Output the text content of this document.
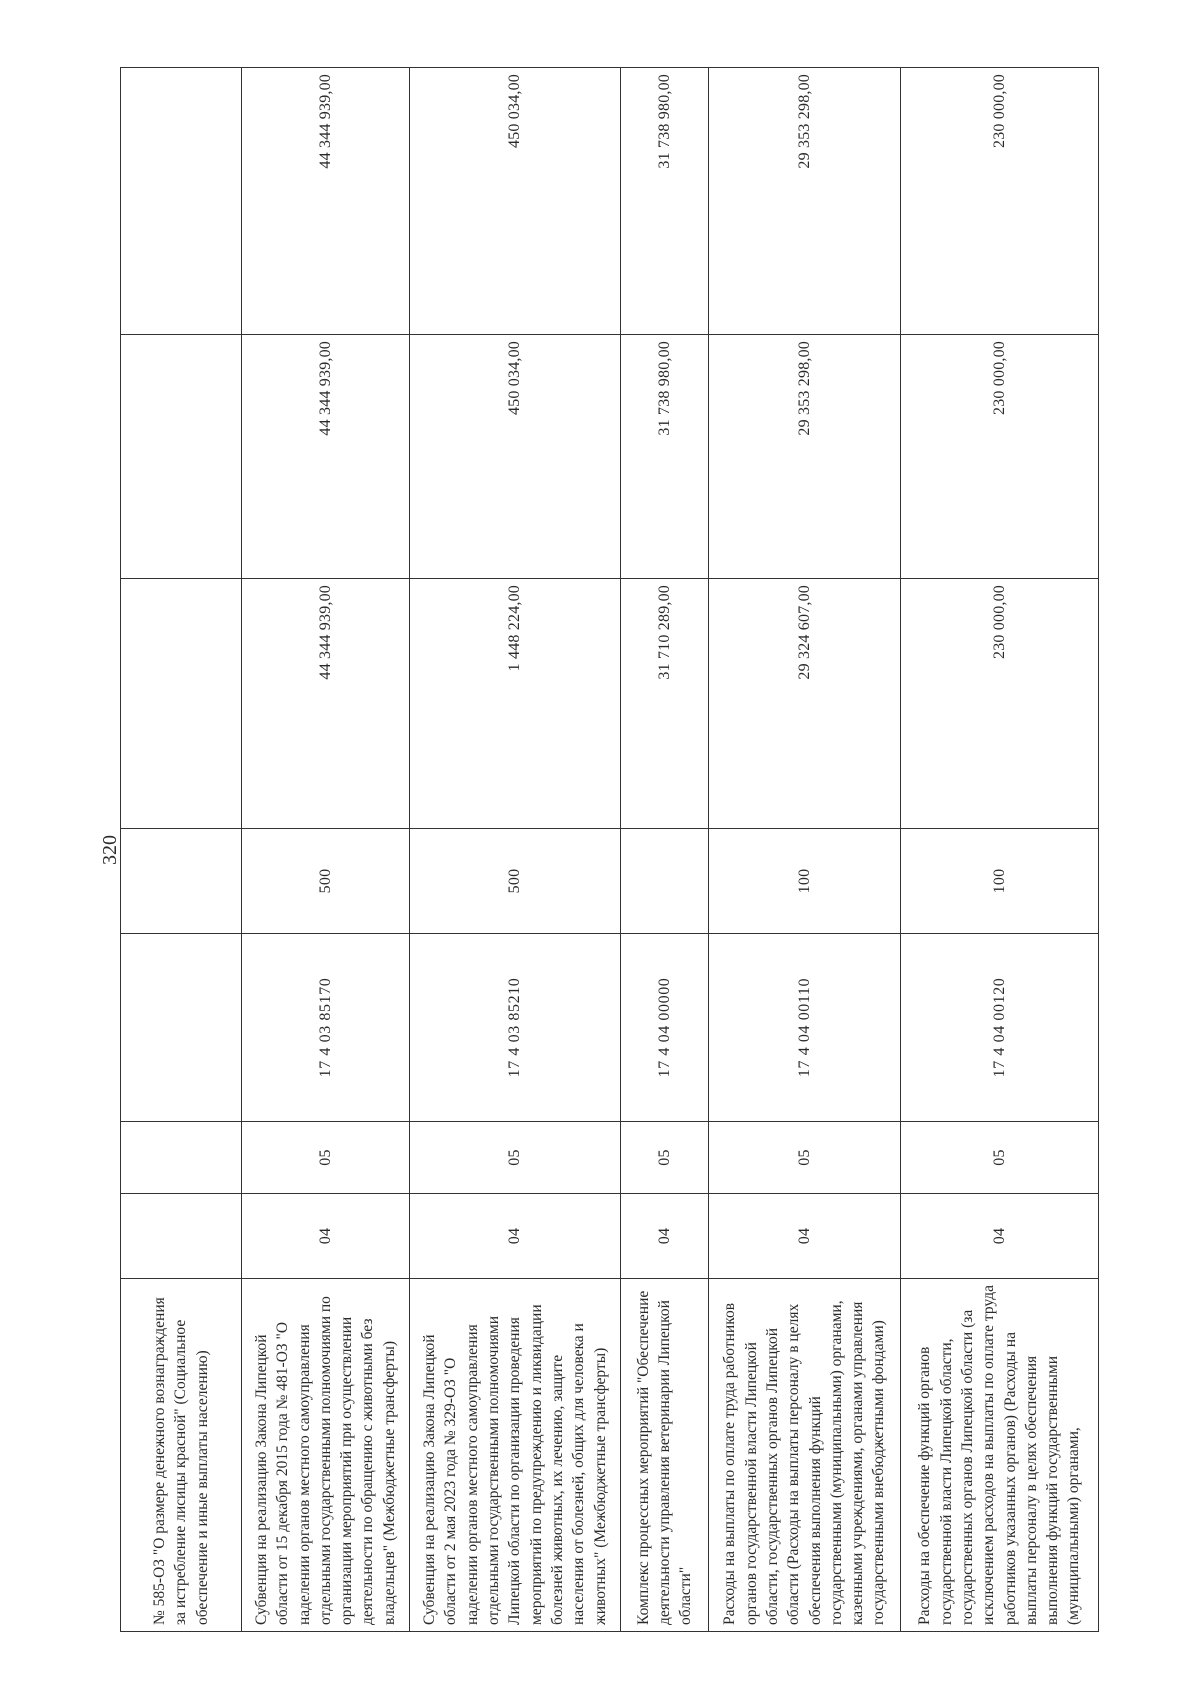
320
№ 585-ОЗ "О размере денежного вознаграждения за истребление лисицы красной" (Социальное обеспечение и иные выплаты населению)							
Субвенция на реализацию Закона Липецкой области от 15 декабря 2015 года № 481-ОЗ "О наделении органов местного самоуправления отдельными государственными полномочиями по организации мероприятий при осуществлении деятельности по обращению с животными без владельцев" (Межбюджетные трансферты)	04	05	17 4 03 85170	500	44 344 939,00	44 344 939,00	44 344 939,00
Субвенция на реализацию Закона Липецкой области от 2 мая 2023 года № 329-ОЗ "О наделении органов местного самоуправления отдельными государственными полномочиями Липецкой области по организации проведения мероприятий по предупреждению и ликвидации болезней животных, их лечению, защите населения от болезней, общих для человека и животных" (Межбюджетные трансферты)	04	05	17 4 03 85210	500	1 448 224,00	450 034,00	450 034,00
Комплекс процессных мероприятий "Обеспечение деятельности управления ветеринарии Липецкой области"	04	05	17 4 04 00000		31 710 289,00	31 738 980,00	31 738 980,00
Расходы на выплаты по оплате труда работников органов государственной власти Липецкой области, государственных органов Липецкой области (Расходы на выплаты персоналу в целях обеспечения выполнения функций государственными (муниципальными) органами, казенными учреждениями, органами управления государственными внебюджетными фондами)	04	05	17 4 04 00110	100	29 324 607,00	29 353 298,00	29 353 298,00
Расходы на обеспечение функций органов государственной власти Липецкой области, государственных органов Липецкой области (за исключением расходов на выплаты по оплате труда работников указанных органов) (Расходы на выплаты персоналу в целях обеспечения выполнения функций государственными (муниципальными) органами,	04	05	17 4 04 00120	100	230 000,00	230 000,00	230 000,00
